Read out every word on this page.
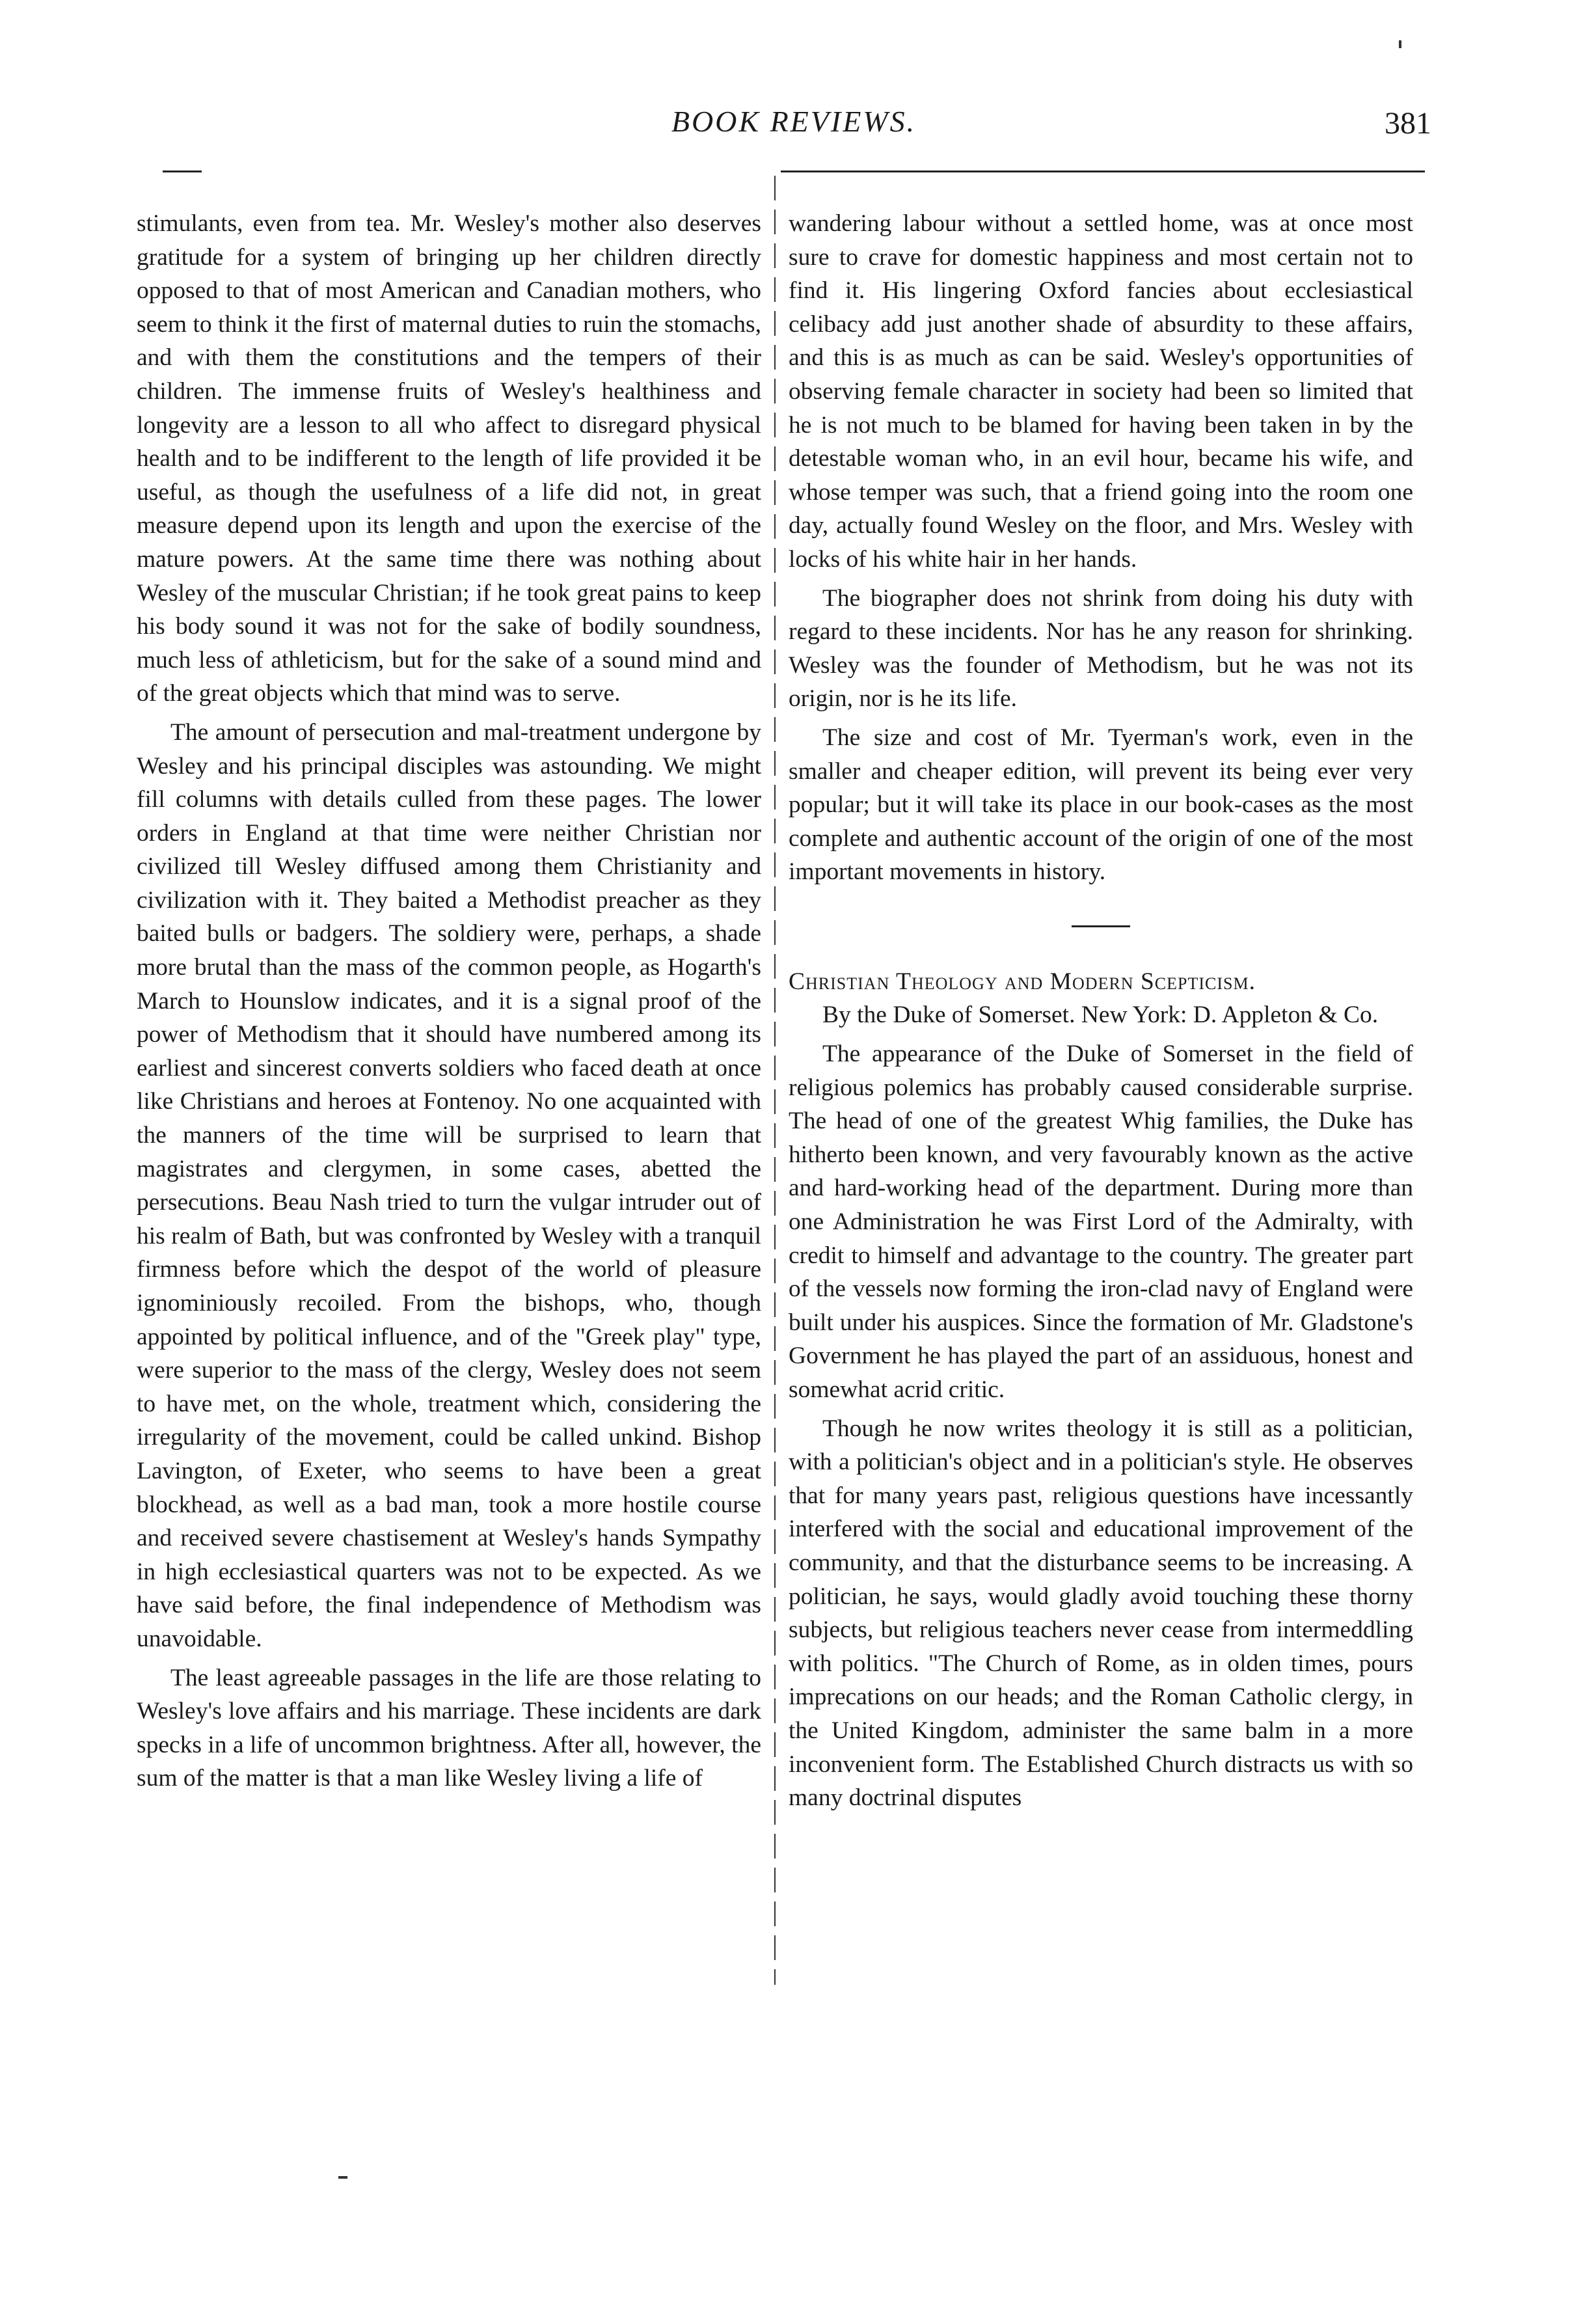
BOOK REVIEWS.	381

stimulants, even from tea. Mr. Wesley's mother also deserves gratitude for a system of bringing up her children directly opposed to that of most American and Canadian mothers, who seem to think it the first of maternal duties to ruin the stomachs, and with them the constitutions and the tempers of their children. The immense fruits of Wesley's healthiness and longevity are a lesson to all who affect to disregard physical health and to be indifferent to the length of life provided it be useful, as though the usefulness of a life did not, in great measure depend upon its length and upon the exercise of the mature powers. At the same time there was nothing about Wesley of the muscular Christian; if he took great pains to keep his body sound it was not for the sake of bodily soundness, much less of athleticism, but for the sake of a sound mind and of the great objects which that mind was to serve.

The amount of persecution and mal-treatment undergone by Wesley and his principal disciples was astounding. We might fill columns with details culled from these pages. The lower orders in England at that time were neither Christian nor civilized till Wesley diffused among them Christianity and civilization with it. They baited a Methodist preacher as they baited bulls or badgers. The soldiery were, perhaps, a shade more brutal than the mass of the common people, as Hogarth's March to Hounslow indicates, and it is a signal proof of the power of Methodism that it should have numbered among its earliest and sincerest converts soldiers who faced death at once like Christians and heroes at Fontenoy. No one acquainted with the manners of the time will be surprised to learn that magistrates and clergymen, in some cases, abetted the persecutions. Beau Nash tried to turn the vulgar intruder out of his realm of Bath, but was confronted by Wesley with a tranquil firmness before which the despot of the world of pleasure ignominiously recoiled. From the bishops, who, though appointed by political influence, and of the "Greek play" type, were superior to the mass of the clergy, Wesley does not seem to have met, on the whole, treatment which, considering the irregularity of the movement, could be called unkind. Bishop Lavington, of Exeter, who seems to have been a great blockhead, as well as a bad man, took a more hostile course and received severe chastisement at Wesley's hands Sympathy in high ecclesiastical quarters was not to be expected. As we have said before, the final independence of Methodism was unavoidable.

The least agreeable passages in the life are those relating to Wesley's love affairs and his marriage. These incidents are dark specks in a life of uncommon brightness. After all, however, the sum of the matter is that a man like Wesley living a life of

wandering labour without a settled home, was at once most sure to crave for domestic happiness and most certain not to find it. His lingering Oxford fancies about ecclesiastical celibacy add just another shade of absurdity to these affairs, and this is as much as can be said. Wesley's opportunities of observing female character in society had been so limited that he is not much to be blamed for having been taken in by the detestable woman who, in an evil hour, became his wife, and whose temper was such, that a friend going into the room one day, actually found Wesley on the floor, and Mrs. Wesley with locks of his white hair in her hands.

The biographer does not shrink from doing his duty with regard to these incidents. Nor has he any reason for shrinking. Wesley was the founder of Methodism, but he was not its origin, nor is he its life.

The size and cost of Mr. Tyerman's work, even in the smaller and cheaper edition, will prevent its being ever very popular; but it will take its place in our book-cases as the most complete and authentic account of the origin of one of the most important movements in history.

Christian Theology and Modern Scepticism.
By the Duke of Somerset. New York: D. Appleton & Co.

The appearance of the Duke of Somerset in the field of religious polemics has probably caused considerable surprise. The head of one of the greatest Whig families, the Duke has hitherto been known, and very favourably known as the active and hard-working head of the department. During more than one Administration he was First Lord of the Admiralty, with credit to himself and advantage to the country. The greater part of the vessels now forming the iron-clad navy of England were built under his auspices. Since the formation of Mr. Gladstone's Government he has played the part of an assiduous, honest and somewhat acrid critic.

Though he now writes theology it is still as a politician, with a politician's object and in a politician's style. He observes that for many years past, religious questions have incessantly interfered with the social and educational improvement of the community, and that the disturbance seems to be increasing. A politician, he says, would gladly avoid touching these thorny subjects, but religious teachers never cease from intermeddling with politics. "The Church of Rome, as in olden times, pours imprecations on our heads; and the Roman Catholic clergy, in the United Kingdom, administer the same balm in a more inconvenient form. The Established Church distracts us with so many doctrinal disputes
